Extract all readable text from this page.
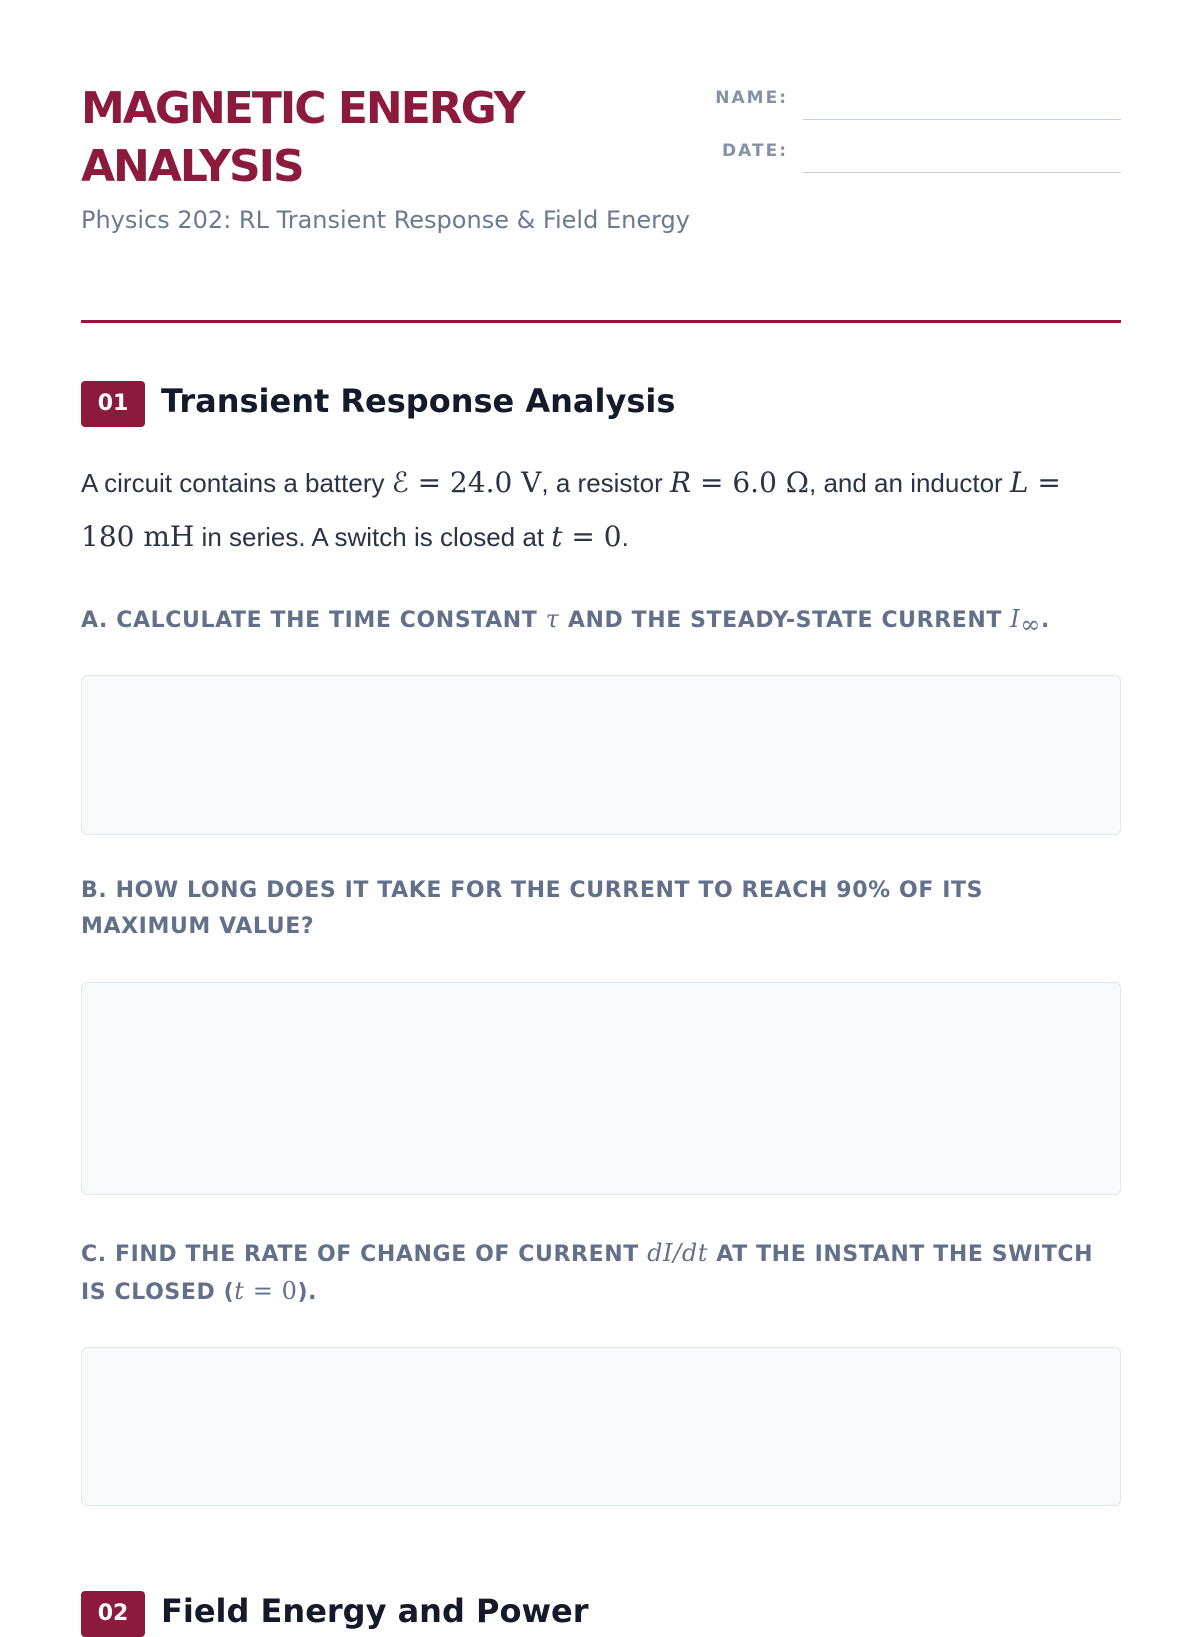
MAGNETIC ENERGY
ANALYSIS
Physics 202: RL Transient Response & Field Energy
NAME:
DATE:
01	Transient Response Analysis
A circuit contains a battery ℰ = 24.0 V, a resistor R = 6.0 Ω, and an inductor L = 180 mH in series. A switch is closed at t = 0.
A. CALCULATE THE TIME CONSTANT τ AND THE STEADY-STATE CURRENT $I_\infty$.
B. HOW LONG DOES IT TAKE FOR THE CURRENT TO REACH 90% OF ITS MAXIMUM VALUE?
C. FIND THE RATE OF CHANGE OF CURRENT dI/dt AT THE INSTANT THE SWITCH IS CLOSED (t = 0).
02	Field Energy and Power
